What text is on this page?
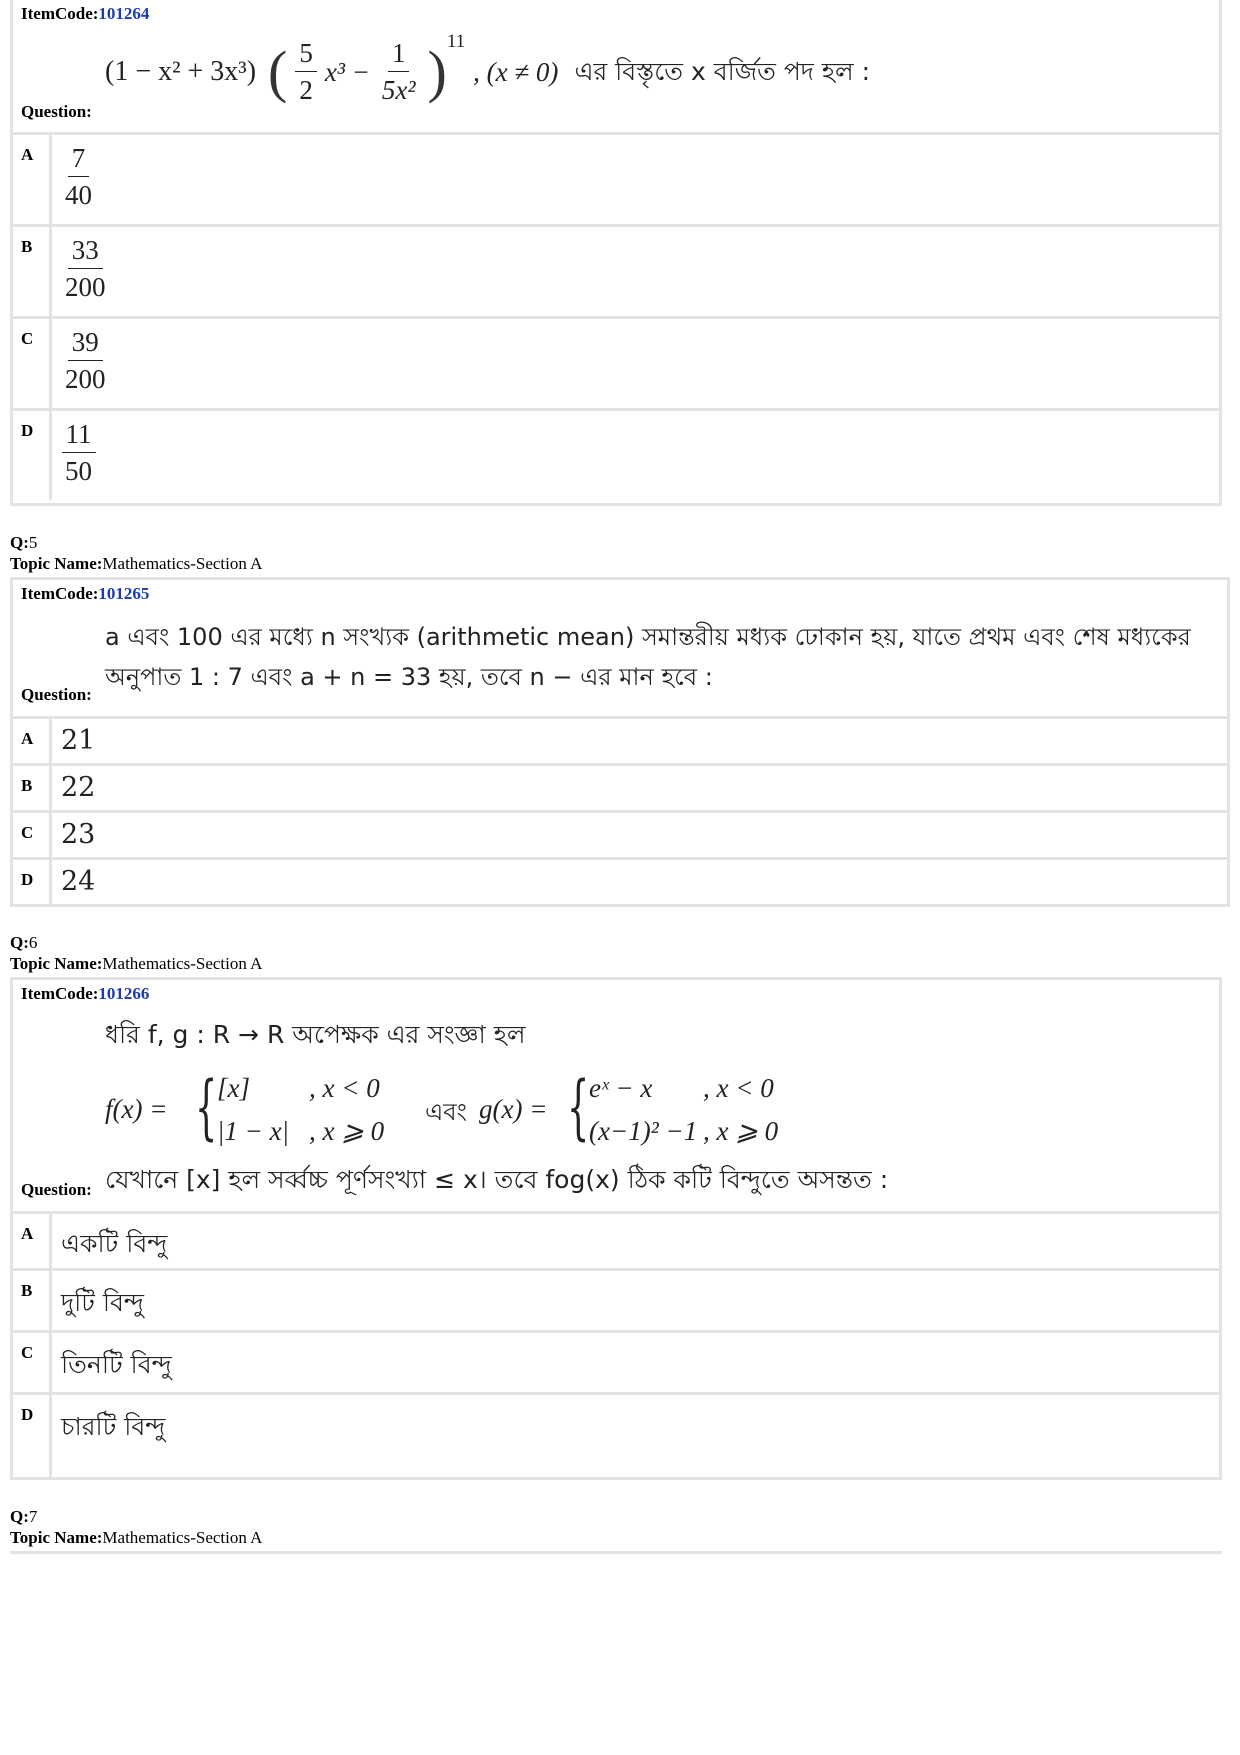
ItemCode:101264
(1 − x² + 3x³) ( $\frac{5}{2} x^3 - \frac{1}{\text{5x²}}$ ) 11
, (x ≠ 0) এর বিস্তৃতে x বর্জিত পদ হল :
Question:
A	$\frac{7}{40}$
B	$\frac{33}{200}$
C	$\frac{39}{200}$
D	$\frac{11}{50}$
Q:5
Topic Name:Mathematics-Section A
ItemCode:101265
a এবং 100 এর মধ্যে n সংখ্যক (arithmetic mean) সমান্তরীয় মধ্যক ঢোকান হয়, যাতে প্রথম এবং শেষ মধ্যকের
অনুপাত 1 : 7 এবং a + n = 33 হয়, তবে n − এর মান হবে :
Question:
A	21
B	22
C	23
D	24
Q:6
Topic Name:Mathematics-Section A
ItemCode:101266
ধরি f, g : R → R অপেক্ষক এর সংজ্ঞা হল
f(x) = { [x] , x < 0
|1 − x| , x ⩾ 0
এবং g(x) = { eˣ − x , x < 0
(x−1)² −1 , x ⩾ 0
যেখানে [x] হল সর্ব্বচ্চ পূর্ণসংখ্যা ≤ x। তবে fog(x) ঠিক কটি বিন্দুতে অসন্তত :
Question:
A	একটি বিন্দু
B	দুটি বিন্দু
C	তিনটি বিন্দু
D	চারটি বিন্দু
Q:7
Topic Name:Mathematics-Section A
